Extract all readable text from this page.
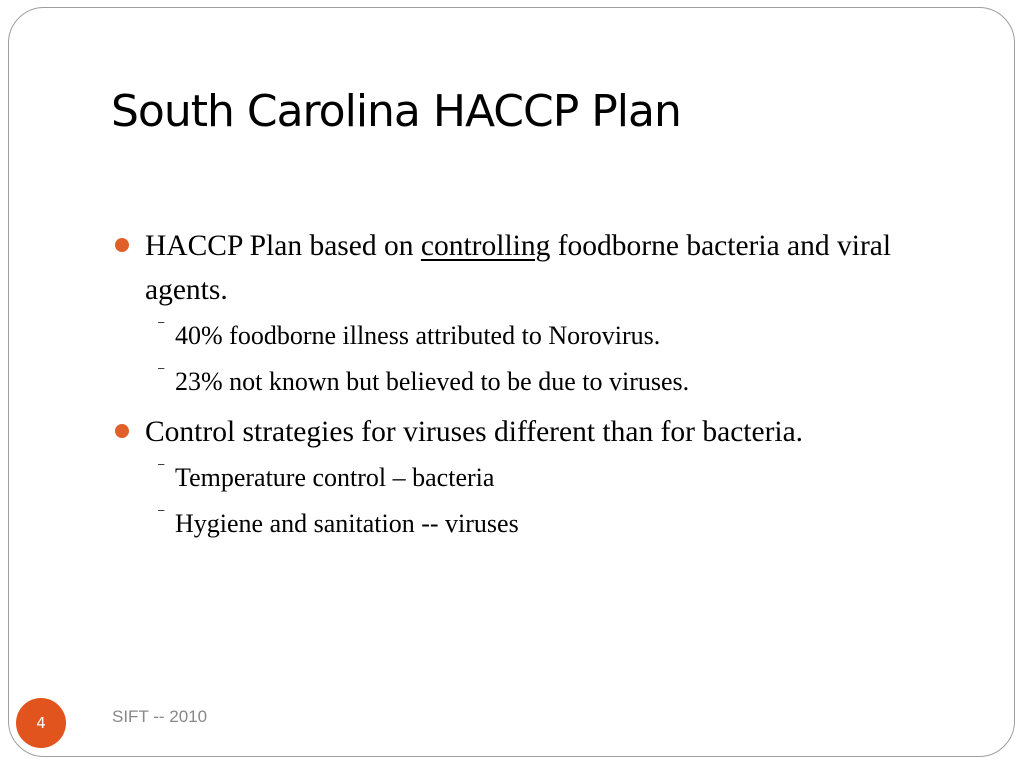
South Carolina HACCP Plan
HACCP Plan based on controlling foodborne bacteria and viral agents.
⁻ 40% foodborne illness attributed to Norovirus.
⁻ 23% not known but believed to be due to viruses.
Control strategies for viruses different than for bacteria.
⁻ Temperature control – bacteria
⁻ Hygiene and sanitation -- viruses
4	SIFT -- 2010
